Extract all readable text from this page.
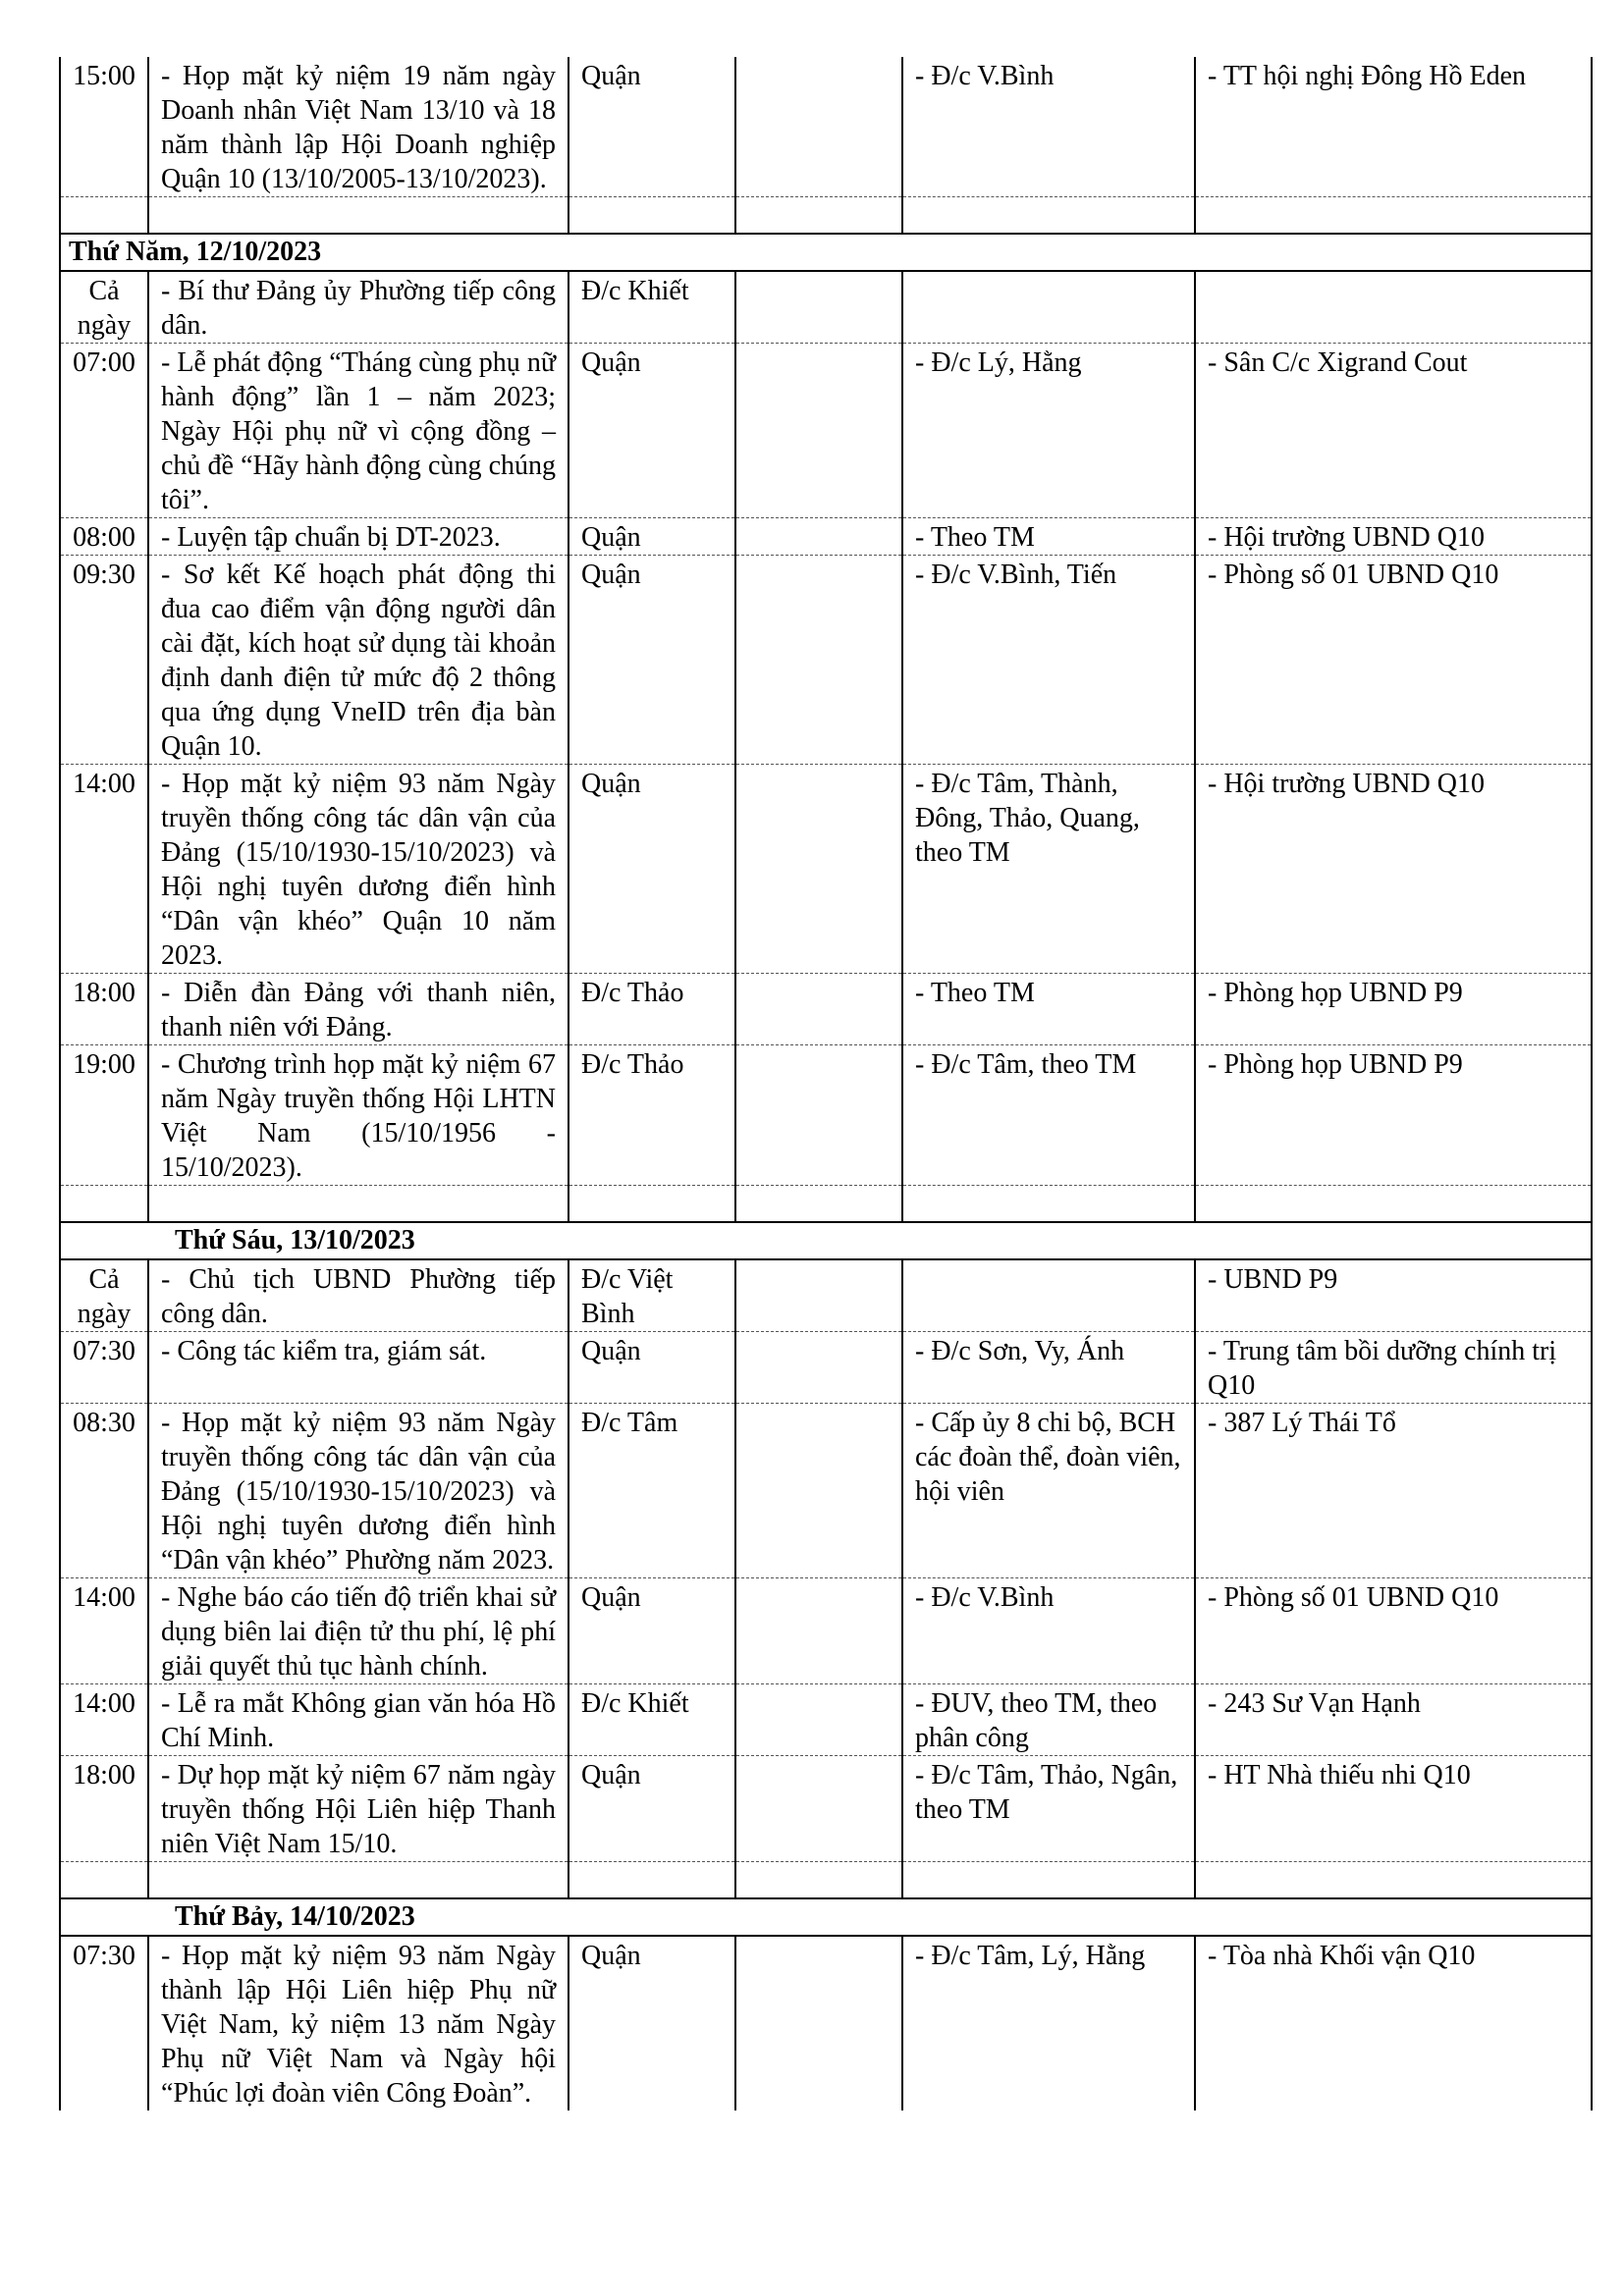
15:00	- Họp mặt kỷ niệm 19 năm ngày Doanh nhân Việt Nam 13/10 và 18 năm thành lập Hội Doanh nghiệp Quận 10 (13/10/2005-13/10/2023).	Quận		- Đ/c V.Bình	- TT hội nghị Đông Hồ Eden

Thứ Năm, 12/10/2023					
Cả ngày	- Bí thư Đảng ủy Phường tiếp công dân.	Đ/c Khiết			
07:00	- Lễ phát động “Tháng cùng phụ nữ hành động” lần 1 – năm 2023; Ngày Hội phụ nữ vì cộng đồng – chủ đề “Hãy hành động cùng chúng tôi”.	Quận		- Đ/c Lý, Hằng	- Sân C/c Xigrand Cout
08:00	- Luyện tập chuẩn bị DT-2023.	Quận		- Theo TM	- Hội trường UBND Q10
09:30	- Sơ kết Kế hoạch phát động thi đua cao điểm vận động người dân cài đặt, kích hoạt sử dụng tài khoản định danh điện tử mức độ 2 thông qua ứng dụng VneID trên địa bàn Quận 10.	Quận		- Đ/c V.Bình, Tiến	- Phòng số 01 UBND Q10
14:00	- Họp mặt kỷ niệm 93 năm Ngày truyền thống công tác dân vận của Đảng (15/10/1930-15/10/2023) và Hội nghị tuyên dương điển hình “Dân vận khéo” Quận 10 năm 2023.	Quận		- Đ/c Tâm, Thành, Đông, Thảo, Quang, theo TM	- Hội trường UBND Q10
18:00	- Diễn đàn Đảng với thanh niên, thanh niên với Đảng.	Đ/c Thảo		- Theo TM	- Phòng họp UBND P9
19:00	- Chương trình họp mặt kỷ niệm 67 năm Ngày truyền thống Hội LHTN Việt Nam (15/10/1956 - 15/10/2023).	Đ/c Thảo		- Đ/c Tâm, theo TM	- Phòng họp UBND P9

Thứ Sáu, 13/10/2023					
Cả ngày	- Chủ tịch UBND Phường tiếp công dân.	Đ/c Việt Bình			- UBND P9
07:30	- Công tác kiểm tra, giám sát.	Quận		- Đ/c Sơn, Vy, Ánh	- Trung tâm bồi dưỡng chính trị Q10
08:30	- Họp mặt kỷ niệm 93 năm Ngày truyền thống công tác dân vận của Đảng (15/10/1930-15/10/2023) và Hội nghị tuyên dương điển hình “Dân vận khéo” Phường năm 2023.	Đ/c Tâm		- Cấp ủy 8 chi bộ, BCH các đoàn thể, đoàn viên, hội viên	- 387 Lý Thái Tổ
14:00	- Nghe báo cáo tiến độ triển khai sử dụng biên lai điện tử thu phí, lệ phí giải quyết thủ tục hành chính.	Quận		- Đ/c V.Bình	- Phòng số 01 UBND Q10
14:00	- Lễ ra mắt Không gian văn hóa Hồ Chí Minh.	Đ/c Khiết		- ĐUV, theo TM, theo phân công	- 243 Sư Vạn Hạnh
18:00	- Dự họp mặt kỷ niệm 67 năm ngày truyền thống Hội Liên hiệp Thanh niên Việt Nam 15/10.	Quận		- Đ/c Tâm, Thảo, Ngân, theo TM	- HT Nhà thiếu nhi Q10

Thứ Bảy, 14/10/2023					
07:30	- Họp mặt kỷ niệm 93 năm Ngày thành lập Hội Liên hiệp Phụ nữ Việt Nam, kỷ niệm 13 năm Ngày Phụ nữ Việt Nam và Ngày hội “Phúc lợi đoàn viên Công Đoàn”.	Quận		- Đ/c Tâm, Lý, Hằng	- Tòa nhà Khối vận Q10
